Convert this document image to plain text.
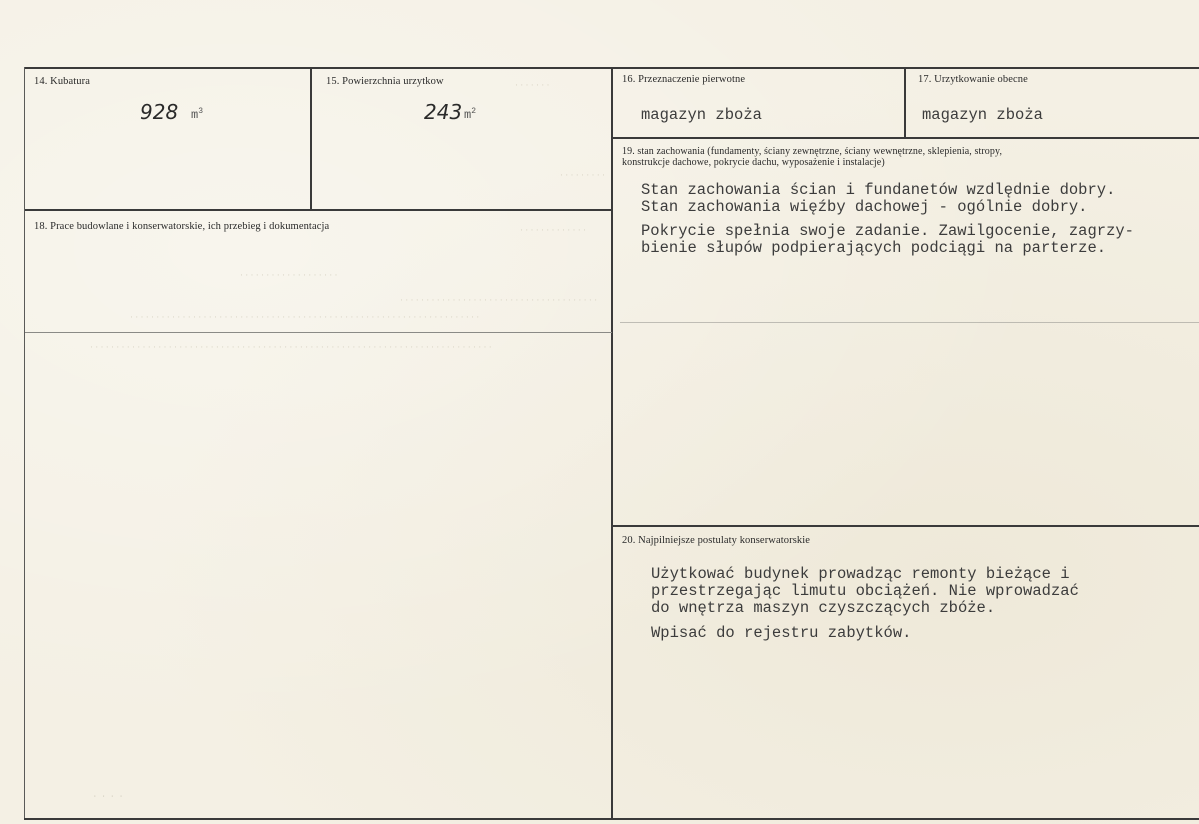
· · · · · · ·
· · · · · · · · ·
· · · · · · · · · · · · ·
· · · · · · · · · · · · · · · · · · ·
· · · · · · · · · · · · · · · · · · · · · · · · · · · · · · · · · · · · · ·
· · · · · · · · · · · · · · · · · · · · · · · · · · · · · · · · · · · · · · · · · · · · · · · · · · · · · · · · · · · · · · · · · · ·
· · · · · · · · · · · · · · · · · · · · · · · · · · · · · · · · · · · · · · · · · · · · · · · · · · · · · · · · · · · · · · · · · · · · · · · · · · · · ·
14. Kubatura
928 $m^3$
15. Powierzchnia urzytkow
243 $m^2$
16. Przeznaczenie pierwotne
magazyn zboża
17. Urzytkowanie obecne
magazyn zboża
18. Prace budowlane i konserwatorskie, ich przebieg i dokumentacja
19. stan zachowania (fundamenty, ściany zewnętrzne, ściany wewnętrzne, sklepienia, stropy,
konstrukcje dachowe, pokrycie dachu, wyposażenie i instalacje)
Stan zachowania ścian i fundanetów wzdlędnie dobry.
Stan zachowania więźby dachowej - ogólnie dobry.
Pokrycie spełnia swoje zadanie. Zawilgocenie, zagrzy-
bienie słupów podpierających podciągi na parterze.
20. Najpilniejsze postulaty konserwatorskie
Użytkować budynek prowadząc remonty bieżące i
przestrzegając limutu obciążeń. Nie wprowadzać
do wnętrza maszyn czyszczących zbóże.
Wpisać do rejestru zabytków.
· · · ·
